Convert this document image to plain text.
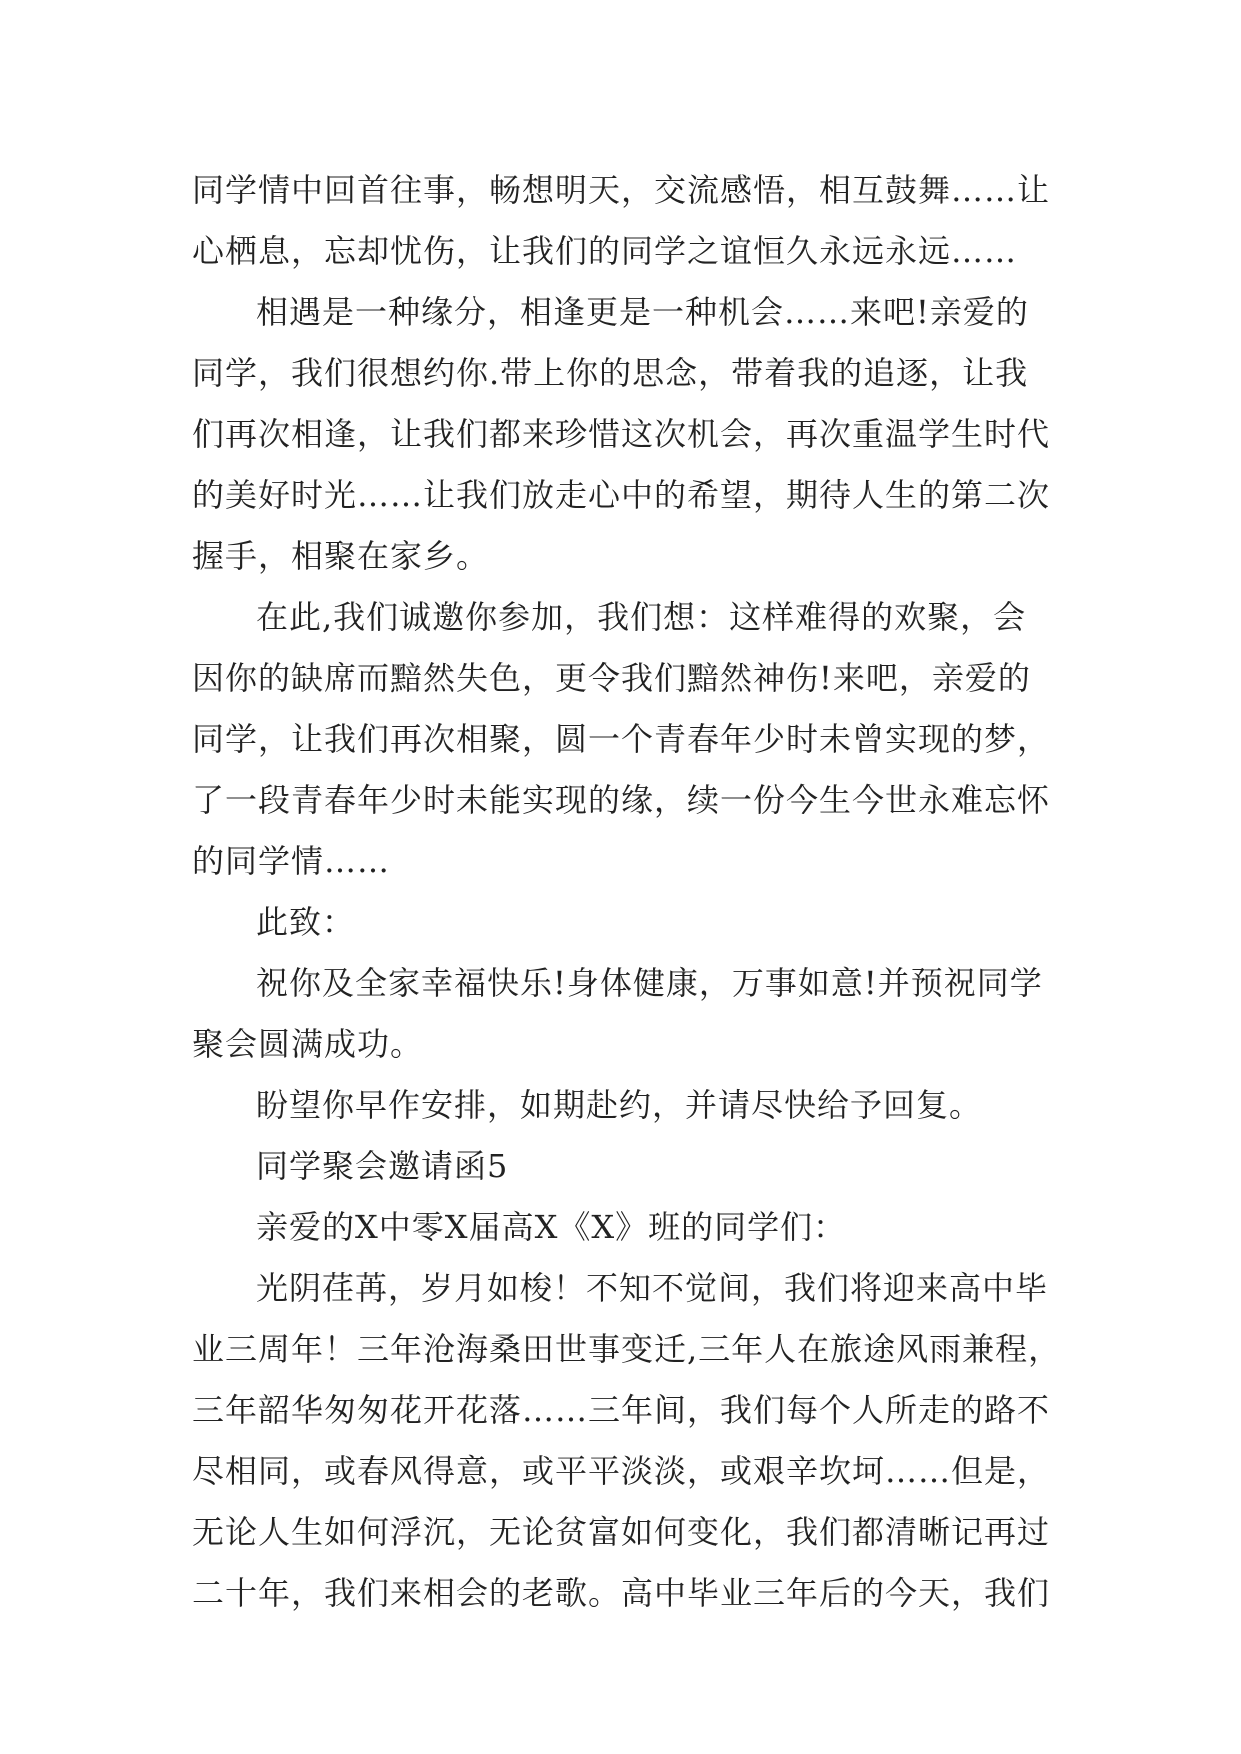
同学情中回首往事，畅想明天，交流感悟，相互鼓舞……让
心栖息，忘却忧伤，让我们的同学之谊恒久永远永远……
相遇是一种缘分，相逢更是一种机会……来吧!亲爱的
同学，我们很想约你.带上你的思念，带着我的追逐，让我
们再次相逢，让我们都来珍惜这次机会，再次重温学生时代
的美好时光……让我们放走心中的希望，期待人生的第二次
握手，相聚在家乡。
在此,我们诚邀你参加，我们想：这样难得的欢聚，会
因你的缺席而黯然失色，更令我们黯然神伤!来吧，亲爱的
同学，让我们再次相聚，圆一个青春年少时未曾实现的梦，
了一段青春年少时未能实现的缘，续一份今生今世永难忘怀
的同学情……
此致：
祝你及全家幸福快乐!身体健康，万事如意!并预祝同学
聚会圆满成功。
盼望你早作安排，如期赴约，并请尽快给予回复。
同学聚会邀请函5
亲爱的X中零X届高X《X》班的同学们：
光阴荏苒，岁月如梭！不知不觉间，我们将迎来高中毕
业三周年！三年沧海桑田世事变迁,三年人在旅途风雨兼程，
三年韶华匆匆花开花落……三年间，我们每个人所走的路不
尽相同，或春风得意，或平平淡淡，或艰辛坎坷……但是，
无论人生如何浮沉，无论贫富如何变化，我们都清晰记再过
二十年，我们来相会的老歌。高中毕业三年后的今天，我们
